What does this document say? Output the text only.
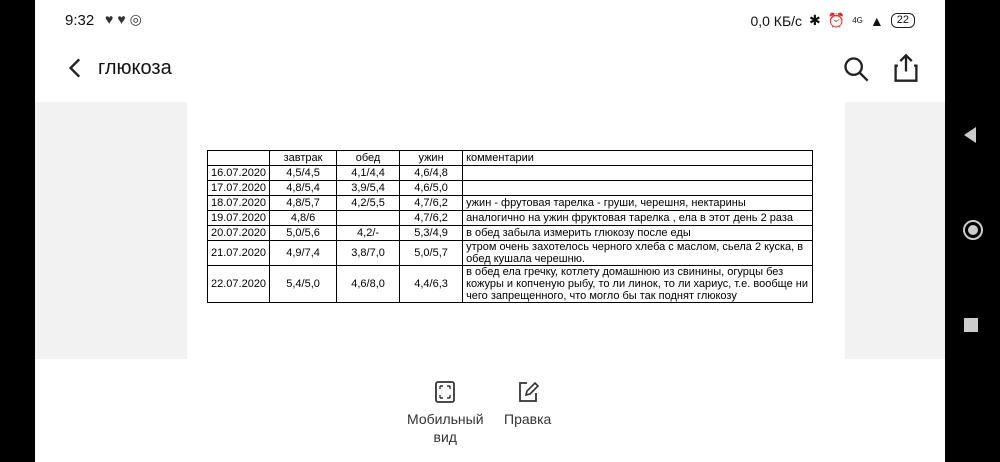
9:32 ♥♥◎	0,0 КБ/с ✱ ⏰ 4G ▲	22
глюкоза
	завтрак	обед	ужин	комментарии
16.07.2020	4,5/4,5	4,1/4,4	4,6/4,8	
17.07.2020	4,8/5,4	3,9/5,4	4,6/5,0	
18.07.2020	4,8/5,7	4,2/5,5	4,7/6,2	ужин - фрутовая тарелка - груши, черешня, нектарины
19.07.2020	4,8/6		4,7/6,2	аналогично на ужин фруктовая тарелка , ела в этот день 2 раза
20.07.2020	5,0/5,6	4,2/-	5,3/4,9	в обед забыла измерить глюкозу после еды
21.07.2020	4,9/7,4	3,8/7,0	5,0/5,7	утром очень захотелось черного хлеба с маслом, сьела 2 куска, в обед кушала черешню.
22.07.2020	5,4/5,0	4,6/8,0	4,4/6,3	в обед ела гречку, котлету домашнюю из свинины, огурцы без кожуры и копченую рыбу, то ли линок, то ли хариус, т.е. вообще ни чего запрещенного, что могло бы так поднят глюкозу
Мобильный
вид
Правка
